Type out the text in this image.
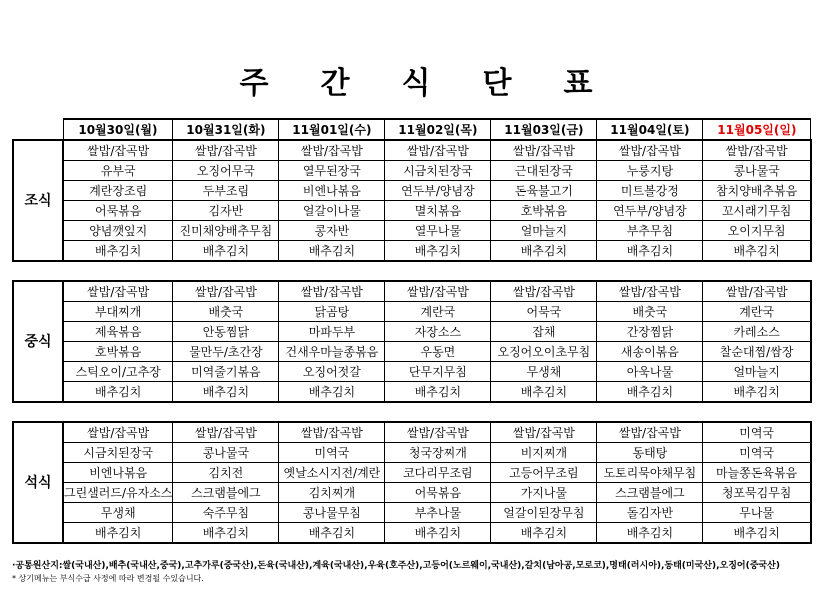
주 간 식 단 표
	10월30일(월)	10월31일(화)	11월01일(수)	11월02일(목)	11월03일(금)	11월04일(토)	11월05일(일)
조식	쌀밥/잡곡밥	쌀밥/잡곡밥	쌀밥/잡곡밥	쌀밥/잡곡밥	쌀밥/잡곡밥	쌀밥/잡곡밥	쌀밥/잡곡밥
	유부국	오징어무국	열무된장국	시금치된장국	근대된장국	누룽지탕	콩나물국
	계란장조림	두부조림	비엔나볶음	연두부/양념장	돈육불고기	미트볼강정	참치양배추볶음
	어묵볶음	김자반	얼갈이나물	멸치볶음	호박볶음	연두부/양념장	꼬시래기무침
	양념깻잎지	진미채양배추무침	콩자반	열무나물	얼마늘지	부추무침	오이지무침
	배추김치	배추김치	배추김치	배추김치	배추김치	배추김치	배추김치

중식	쌀밥/잡곡밥	쌀밥/잡곡밥	쌀밥/잡곡밥	쌀밥/잡곡밥	쌀밥/잡곡밥	쌀밥/잡곡밥	쌀밥/잡곡밥
	부대찌개	배춧국	닭곰탕	계란국	어묵국	배춧국	계란국
	제육볶음	안동찜닭	마파두부	자장소스	잡채	간장찜닭	카레소스
	호박볶음	물만두/초간장	건새우마늘종볶음	우동면	오징어오이초무침	새송이볶음	찰순대찜/쌈장
	스틱오이/고추장	미역줄기볶음	오징어젓갈	단무지무침	무생채	아욱나물	얼마늘지
	배추김치	배추김치	배추김치	배추김치	배추김치	배추김치	배추김치

석식	쌀밥/잡곡밥	쌀밥/잡곡밥	쌀밥/잡곡밥	쌀밥/잡곡밥	쌀밥/잡곡밥	쌀밥/잡곡밥	미역국
	시금치된장국	콩나물국	미역국	청국장찌개	비지찌개	동태탕	미역국
	비엔나볶음	김치전	옛날소시지전/계란	코다리무조림	고등어무조림	도토리묵야채무침	마늘쫑돈육볶음
	그린샐러드/유자소스	스크램블에그	김치찌개	어묵볶음	가지나물	스크램블에그	청포묵김무침
	무생채	숙주무침	콩나물무침	부추나물	얼갈이된장무침	돌김자반	무나물
	배추김치	배추김치	배추김치	배추김치	배추김치	배추김치	배추김치
·공통원산지:쌀(국내산),배추(국내산,중국),고추가루(중국산),돈육(국내산),계육(국내산),우육(호주산),고등어(노르웨이,국내산),갈치(남아공,모로코),명태(러시아),동태(미국산),오징어(중국산)
* 상기메뉴는 부식수급 사정에 따라 변경될 수있습니다.
